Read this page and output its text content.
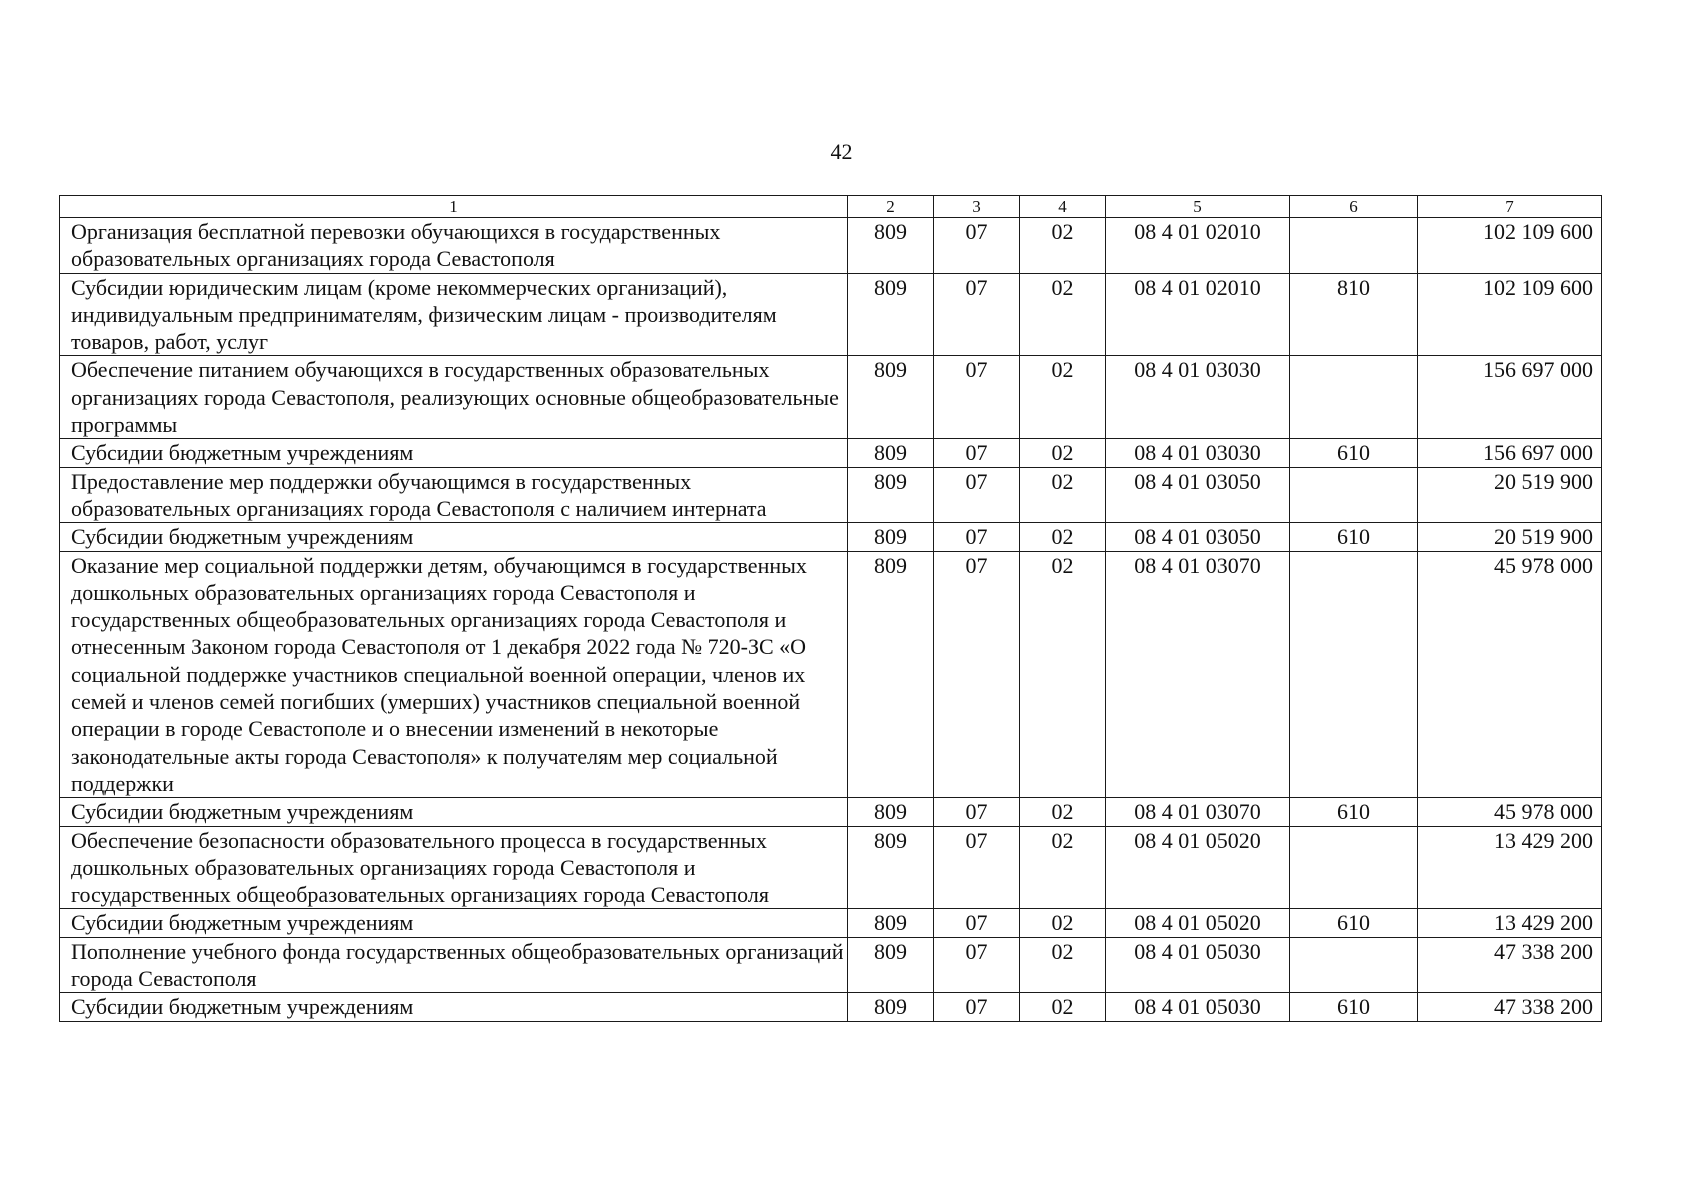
42
1	2	3	4	5	6	7
Организация бесплатной перевозки обучающихся в государственных образовательных организациях города Севастополя	809	07	02	08 4 01 02010		102 109 600
Субсидии юридическим лицам (кроме некоммерческих организаций), индивидуальным предпринимателям, физическим лицам - производителям товаров, работ, услуг	809	07	02	08 4 01 02010	810	102 109 600
Обеспечение питанием обучающихся в государственных образовательных организациях города Севастополя, реализующих основные общеобразовательные программы	809	07	02	08 4 01 03030		156 697 000
Субсидии бюджетным учреждениям	809	07	02	08 4 01 03030	610	156 697 000
Предоставление мер поддержки обучающимся в государственных образовательных организациях города Севастополя с наличием интерната	809	07	02	08 4 01 03050		20 519 900
Субсидии бюджетным учреждениям	809	07	02	08 4 01 03050	610	20 519 900
Оказание мер социальной поддержки детям, обучающимся в государственных дошкольных образовательных организациях города Севастополя и государственных общеобразовательных организациях города Севастополя и отнесенным Законом города Севастополя от 1 декабря 2022 года № 720-ЗС «О социальной поддержке участников специальной военной операции, членов их семей и членов семей погибших (умерших) участников специальной военной операции в городе Севастополе и о внесении изменений в некоторые законодательные акты города Севастополя» к получателям мер социальной поддержки	809	07	02	08 4 01 03070		45 978 000
Субсидии бюджетным учреждениям	809	07	02	08 4 01 03070	610	45 978 000
Обеспечение безопасности образовательного процесса в государственных дошкольных образовательных организациях города Севастополя и государственных общеобразовательных организациях города Севастополя	809	07	02	08 4 01 05020		13 429 200
Субсидии бюджетным учреждениям	809	07	02	08 4 01 05020	610	13 429 200
Пополнение учебного фонда государственных общеобразовательных организаций города Севастополя	809	07	02	08 4 01 05030		47 338 200
Субсидии бюджетным учреждениям	809	07	02	08 4 01 05030	610	47 338 200
